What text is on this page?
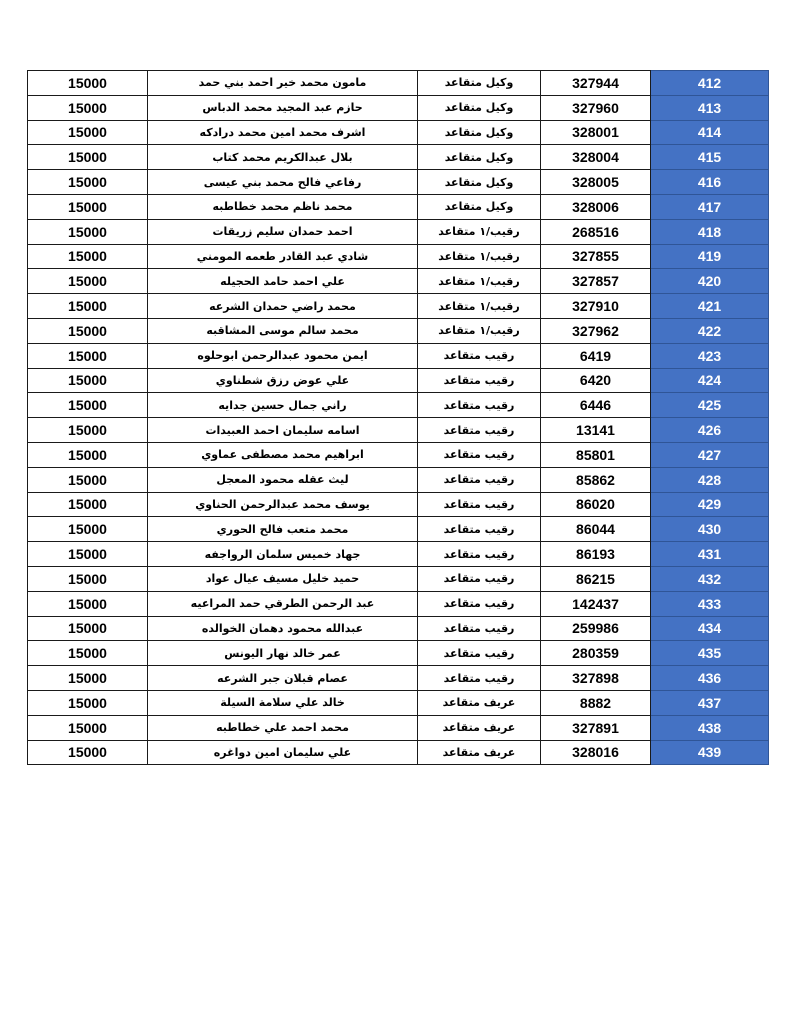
15000	مامون محمد خير احمد بني حمد	وكيل متقاعد	327944	412
15000	حازم عبد المجيد محمد الدباس	وكيل متقاعد	327960	413
15000	اشرف محمد امين محمد درادكه	وكيل متقاعد	328001	414
15000	بلال عبدالكريم محمد كتاب	وكيل متقاعد	328004	415
15000	رفاعي فالح محمد بني عيسى	وكيل متقاعد	328005	416
15000	محمد ناظم محمد خطاطبه	وكيل متقاعد	328006	417
15000	احمد حمدان سليم زريقات	رقيب/١ متقاعد	268516	418
15000	شادي عبد القادر طعمه المومني	رقيب/١ متقاعد	327855	419
15000	علي احمد حامد الحجيله	رقيب/١ متقاعد	327857	420
15000	محمد راضي حمدان الشرعه	رقيب/١ متقاعد	327910	421
15000	محمد سالم موسى المشاقبه	رقيب/١ متقاعد	327962	422
15000	ايمن محمود عبدالرحمن ابوحلوه	رقيب متقاعد	6419	423
15000	علي عوض رزق شطناوي	رقيب متقاعد	6420	424
15000	راني جمال حسين جدايه	رقيب متقاعد	6446	425
15000	اسامه سليمان احمد العبيدات	رقيب متقاعد	13141	426
15000	ابراهيم محمد مصطفى عماوي	رقيب متقاعد	85801	427
15000	ليث عقله محمود المعجل	رقيب متقاعد	85862	428
15000	يوسف محمد عبدالرحمن الحناوي	رقيب متقاعد	86020	429
15000	محمد متعب فالح الحوري	رقيب متقاعد	86044	430
15000	جهاد خميس سلمان الرواجفه	رقيب متقاعد	86193	431
15000	حميد خليل مسيف عيال عواد	رقيب متقاعد	86215	432
15000	عبد الرحمن الطرقي حمد المراعيه	رقيب متقاعد	142437	433
15000	عبدالله محمود دهمان الخوالده	رقيب متقاعد	259986	434
15000	عمر خالد نهار اليونس	رقيب متقاعد	280359	435
15000	عصام قبلان جبر الشرعه	رقيب متقاعد	327898	436
15000	خالد علي سلامة السيلة	عريف متقاعد	8882	437
15000	محمد احمد علي خطاطبه	عريف متقاعد	327891	438
15000	علي سليمان امين دواغره	عريف متقاعد	328016	439
